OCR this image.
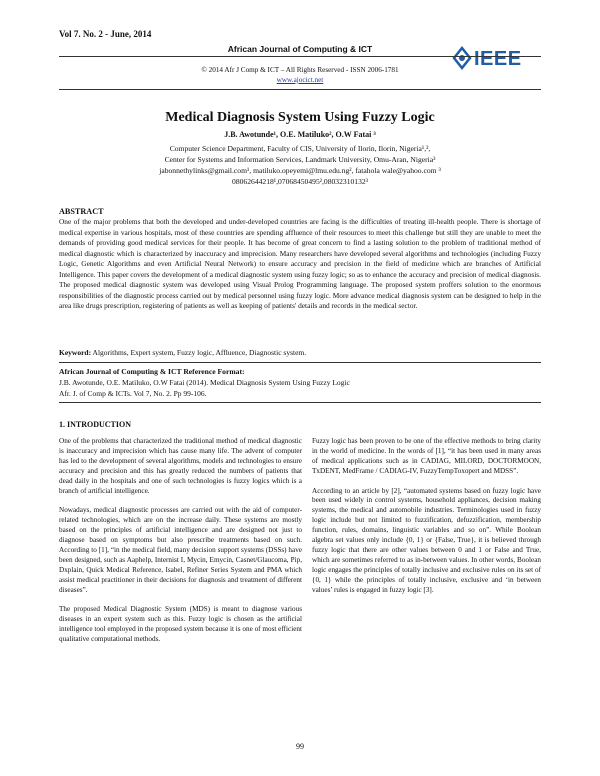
Vol 7. No. 2 - June, 2014
African Journal of Computing & ICT
© 2014 Afr J Comp & ICT – All Rights Reserved - ISSN 2006-1781
www.ajocict.net
IEEE
Medical Diagnosis System Using Fuzzy Logic
J.B. Awotunde¹, O.E. Matiluko², O.W Fatai ³
Computer Science Department, Faculty of CIS, University of Ilorin, Ilorin, Nigeria¹,²,
Center for Systems and Information Services, Landmark University, Omu-Aran, Nigeria³
jabonnethylinks@gmail.com¹, matiluko.opeyemi@lmu.edu.ng², fatahola wale@yahoo.com ³
08062644218¹,07068450495²,08032310132³
ABSTRACT
One of the major problems that both the developed and under-developed countries are facing is the difficulties of treating ill-health people. There is shortage of medical expertise in various hospitals, most of these countries are spending affluence of their resources to meet this challenge but still they are unable to meet the demands of providing good medical services for their people. It has become of great concern to find a lasting solution to the problem of traditional method of medical diagnostic which is characterized by inaccuracy and imprecision. Many researchers have developed several algorithms and technologies (including Fuzzy Logic, Genetic Algorithms and even Artificial Neural Network) to ensure accuracy and precision in the field of medicine which are branches of Artificial Intelligence. This paper covers the development of a medical diagnostic system using fuzzy logic; so as to enhance the accuracy and precision of medical diagnosis. The proposed medical diagnostic system was developed using Visual Prolog Programming language. The proposed system proffers solution to the enormous responsibilities of the diagnostic process carried out by medical personnel using fuzzy logic. More advance medical diagnosis system can be designed to help in the area like drugs prescription, registering of patients as well as keeping of patients' details and records in the medical sector.
Keyword: Algorithms, Expert system, Fuzzy logic, Affluence, Diagnostic system.
African Journal of Computing & ICT Reference Format:
J.B. Awotunde, O.E. Matiluko, O.W Fatai (2014). Medical Diagnosis System Using Fuzzy Logic
Afr. J. of Comp & ICTs. Vol 7, No. 2. Pp 99-106.
1. INTRODUCTION

One of the problems that characterized the traditional method of medical diagnostic is inaccuracy and imprecision which has cause many life. The advent of computer has led to the development of several algorithms, models and technologies to ensure accuracy and precision and this has greatly reduced the numbers of patients that dead daily in the hospitals and one of such technologies is fuzzy logics which is a branch of artificial intelligence.

Nowadays, medical diagnostic processes are carried out with the aid of computer-related technologies, which are on the increase daily. These systems are mostly based on the principles of artificial intelligence and are designed not just to diagnose based on symptoms but also prescribe treatments based on such. According to [1], “in the medical field, many decision support systems (DSSs) have been designed, such as Aaphelp, Internist I, Mycin, Emycin, Casnet/Glaucoma, Pip, Dxplain, Quick Medical Reference, Isabel, Refiner Series System and PMA which assist medical practitioner in their decisions for diagnosis and treatment of different diseases”.

The proposed Medical Diagnostic System (MDS) is meant to diagnose various diseases in an expert system such as this. Fuzzy logic is chosen as the artificial intelligence tool employed in the proposed system because it is one of most efficient qualitative computational methods.

Fuzzy logic has been proven to be one of the effective methods to bring clarity in the world of medicine. In the words of [1], “it has been used in many areas of medical applications such as in CADIAG, MILORD, DOCTORMOON, TxDENT, MedFrame / CADIAG-IV, FuzzyTempToxopert and MDSS”.

According to an article by [2], “automated systems based on fuzzy logic have been used widely in control systems, household appliances, decision making systems, the medical and automobile industries. Terminologies used in fuzzy logic include but not limited to fuzzification, defuzzification, membership function, rules, domains, linguistic variables and so on”. While Boolean algebra set values only include {0, 1} or {False, True}, it is believed through fuzzy logic that there are other values between 0 and 1 or False and True, which are sometimes referred to as in-between values. In other words, Boolean logic engages the principles of totally inclusive and exclusive rules on its set of {0, 1} while the principles of totally inclusive, exclusive and ‘in between values’ rules is engaged in fuzzy logic [3].

99
